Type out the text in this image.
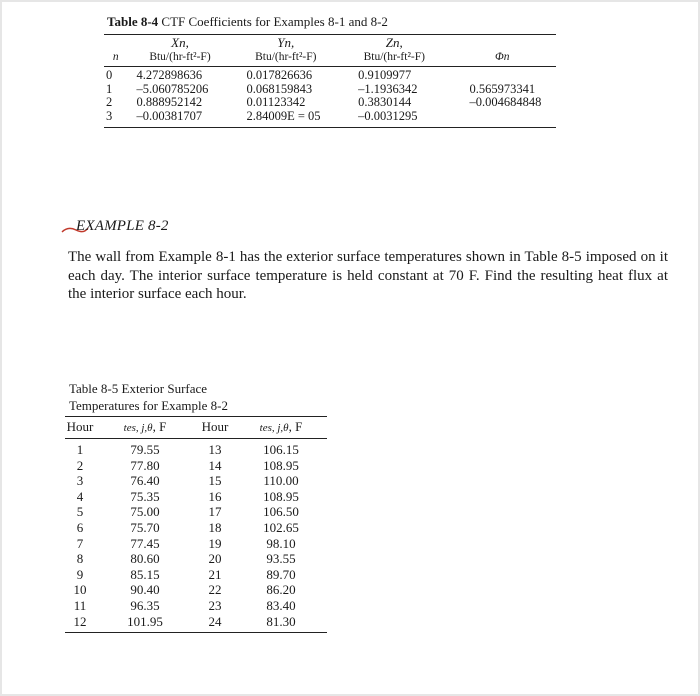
Table 8-4 CTF Coefficients for Examples 8-1 and 8-2
	Xn,	Yn,	Zn,	
n	Btu/(hr-ft²-F)	Btu/(hr-ft²-F)	Btu/(hr-ft²-F)	Φn
0	4.272898636	0.017826636	0.9109977	
1	–5.060785206	0.068159843	–1.1936342	0.565973341
2	0.888952142	0.01123342	0.3830144	–0.004684848
3	–0.00381707	2.84009E = 05	–0.0031295	
EXAMPLE 8-2
The wall from Example 8-1 has the exterior surface temperatures shown in Table 8-5 imposed on it each day. The interior surface temperature is held constant at 70 F. Find the resulting heat flux at the interior surface each hour.
Table 8-5 Exterior Surface
Temperatures for Example 8-2
Hour	tes, j,θ, F	Hour	tes, j,θ, F
1	79.55	13	106.15
2	77.80	14	108.95
3	76.40	15	110.00
4	75.35	16	108.95
5	75.00	17	106.50
6	75.70	18	102.65
7	77.45	19	98.10
8	80.60	20	93.55
9	85.15	21	89.70
10	90.40	22	86.20
11	96.35	23	83.40
12	101.95	24	81.30
